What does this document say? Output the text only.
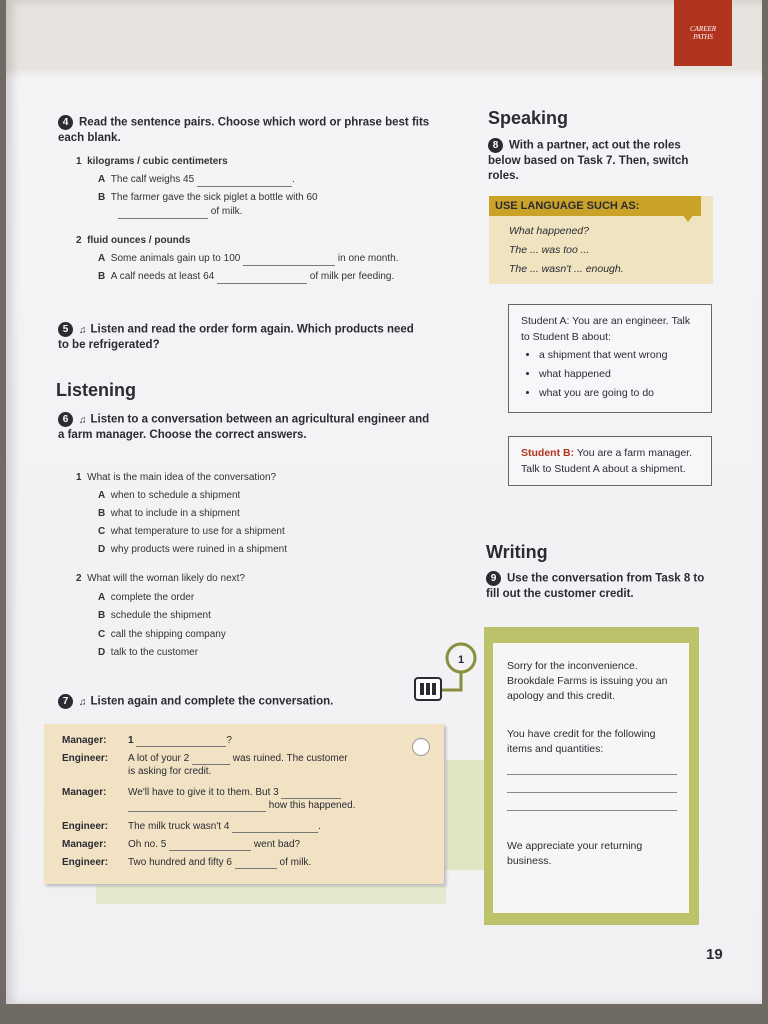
CAREER
PATHS
4 Read the sentence pairs. Choose which word or phrase best fits each blank.
1 kilograms / cubic centimeters
A The calf weighs 45	.
B The farmer gave the sick piglet a bottle with 60
of milk.
2 fluid ounces / pounds
A Some animals gain up to 100	in one month.
B A calf needs at least 64	of milk per feeding.
5 ♫ Listen and read the order form again. Which products need to be refrigerated?
Listening
6 ♫ Listen to a conversation between an agricultural engineer and a farm manager. Choose the correct answers.
1 What is the main idea of the conversation?
A when to schedule a shipment
B what to include in a shipment
C what temperature to use for a shipment
D why products were ruined in a shipment
2 What will the woman likely do next?
A complete the order
B schedule the shipment
C call the shipping company
D talk to the customer
7 ♫ Listen again and complete the conversation.
1
Manager: 1	?
Engineer: A lot of your 2	was ruined. The customer
is asking for credit.
Manager: We'll have to give it to them. But 3
how this happened.
Engineer: The milk truck wasn't 4	.
Manager: Oh no. 5	went bad?
Engineer: Two hundred and fifty 6	of milk.
Speaking
8 With a partner, act out the roles below based on Task 7. Then, switch roles.
USE LANGUAGE SUCH AS:
What happened?
The ... was too ...
The ... wasn't ... enough.
Student A: You are an engineer. Talk to Student B about:
• a shipment that went wrong
• what happened
• what you are going to do
Student B: You are a farm manager. Talk to Student A about a shipment.
Writing
9 Use the conversation from Task 8 to fill out the customer credit.
Sorry for the inconvenience. Brookdale Farms is issuing you an apology and this credit.
You have credit for the following items and quantities:
We appreciate your returning business.
19
